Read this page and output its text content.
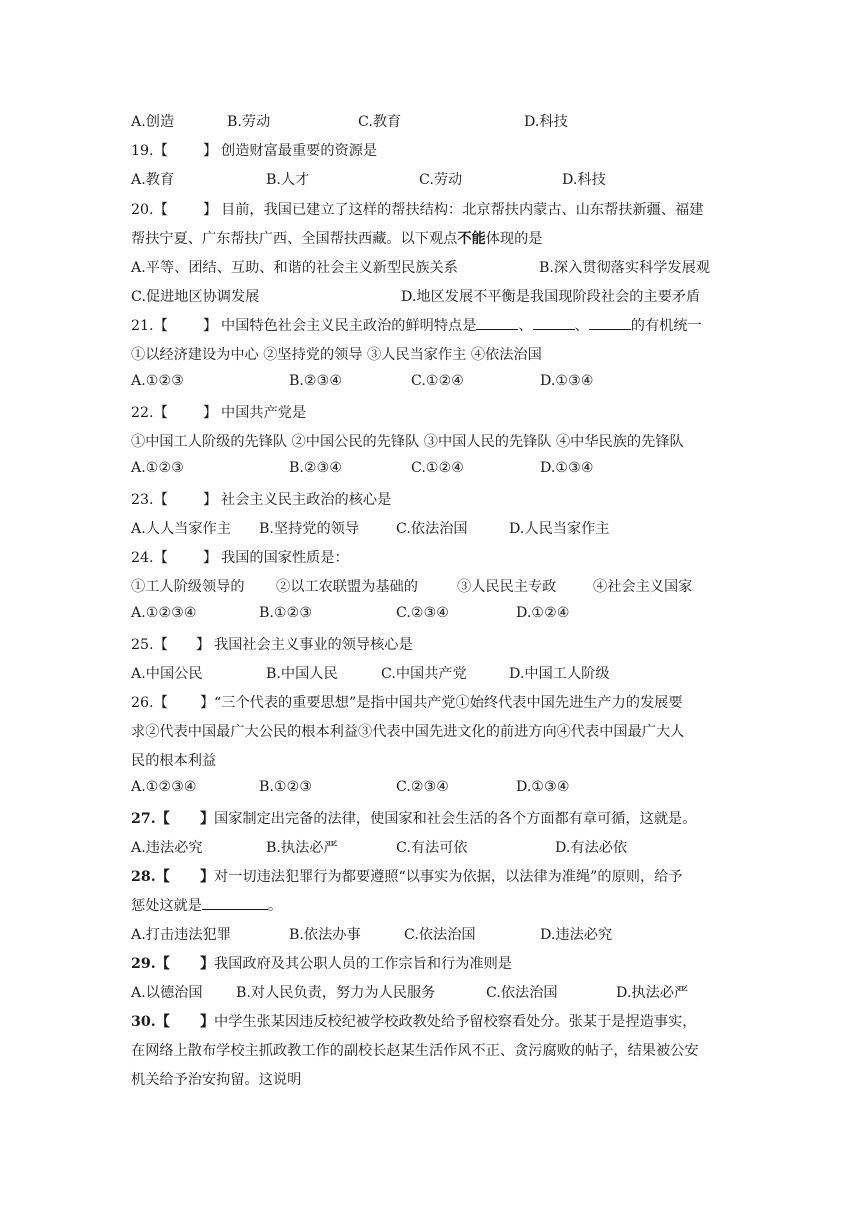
A.创造	B.劳动	C.教育	D.科技
19.【 】 创造财富最重要的资源是
A.教育	B.人才	C.劳动	D.科技
20.【 】 目前，我国已建立了这样的帮扶结构：北京帮扶内蒙古、山东帮扶新疆、福建
帮扶宁夏、广东帮扶广西、全国帮扶西藏。以下观点不能体现的是
A.平等、团结、互助、和谐的社会主义新型民族关系	B.深入贯彻落实科学发展观
C.促进地区协调发展	D.地区发展不平衡是我国现阶段社会的主要矛盾
21.【 】 中国特色社会主义民主政治的鲜明特点是	、	、	的有机统一
①以经济建设为中心 ②坚持党的领导 ③人民当家作主 ④依法治国
A.①②③	B.②③④	C.①②④	D.①③④
22.【 】 中国共产党是
①中国工人阶级的先锋队 ②中国公民的先锋队 ③中国人民的先锋队 ④中华民族的先锋队
A.①②③	B.②③④	C.①②④	D.①③④
23.【 】 社会主义民主政治的核心是
A.人人当家作主 B.坚持党的领导	C.依法治国	D.人民当家作主
24.【 】 我国的国家性质是：
①工人阶级领导的 ②以工农联盟为基础的	③人民民主专政	④社会主义国家
A.①②③④	B.①②③	C.②③④	D.①②④
25.【 】 我国社会主义事业的领导核心是
A.中国公民	B.中国人民	C.中国共产党	D.中国工人阶级
26.【 】 “三个代表的重要思想”是指中国共产党①始终代表中国先进生产力的发展要
求②代表中国最广大公民的根本利益③代表中国先进文化的前进方向④代表中国最广大人
民的根本利益
A.①②③④	B.①②③	C.②③④	D.①③④
27.【 】 国家制定出完备的法律，使国家和社会生活的各个方面都有章可循，这就是。
A.违法必究	B.执法必严	C.有法可依	D.有法必依
28.【 】 对一切违法犯罪行为都要遵照“以事实为依据，以法律为准绳”的原则，给予
惩处这就是	。
A.打击违法犯罪	B.依法办事	C.依法治国	D.违法必究
29.【 】 我国政府及其公职人员的工作宗旨和行为准则是
A.以德治国 B.对人民负责，努力为人民服务	C.依法治国	D.执法必严
30.【 】 中学生张某因违反校纪被学校政教处给予留校察看处分。张某于是捏造事实，
在网络上散布学校主抓政教工作的副校长赵某生活作风不正、贪污腐败的帖子，结果被公安
机关给予治安拘留。这说明
